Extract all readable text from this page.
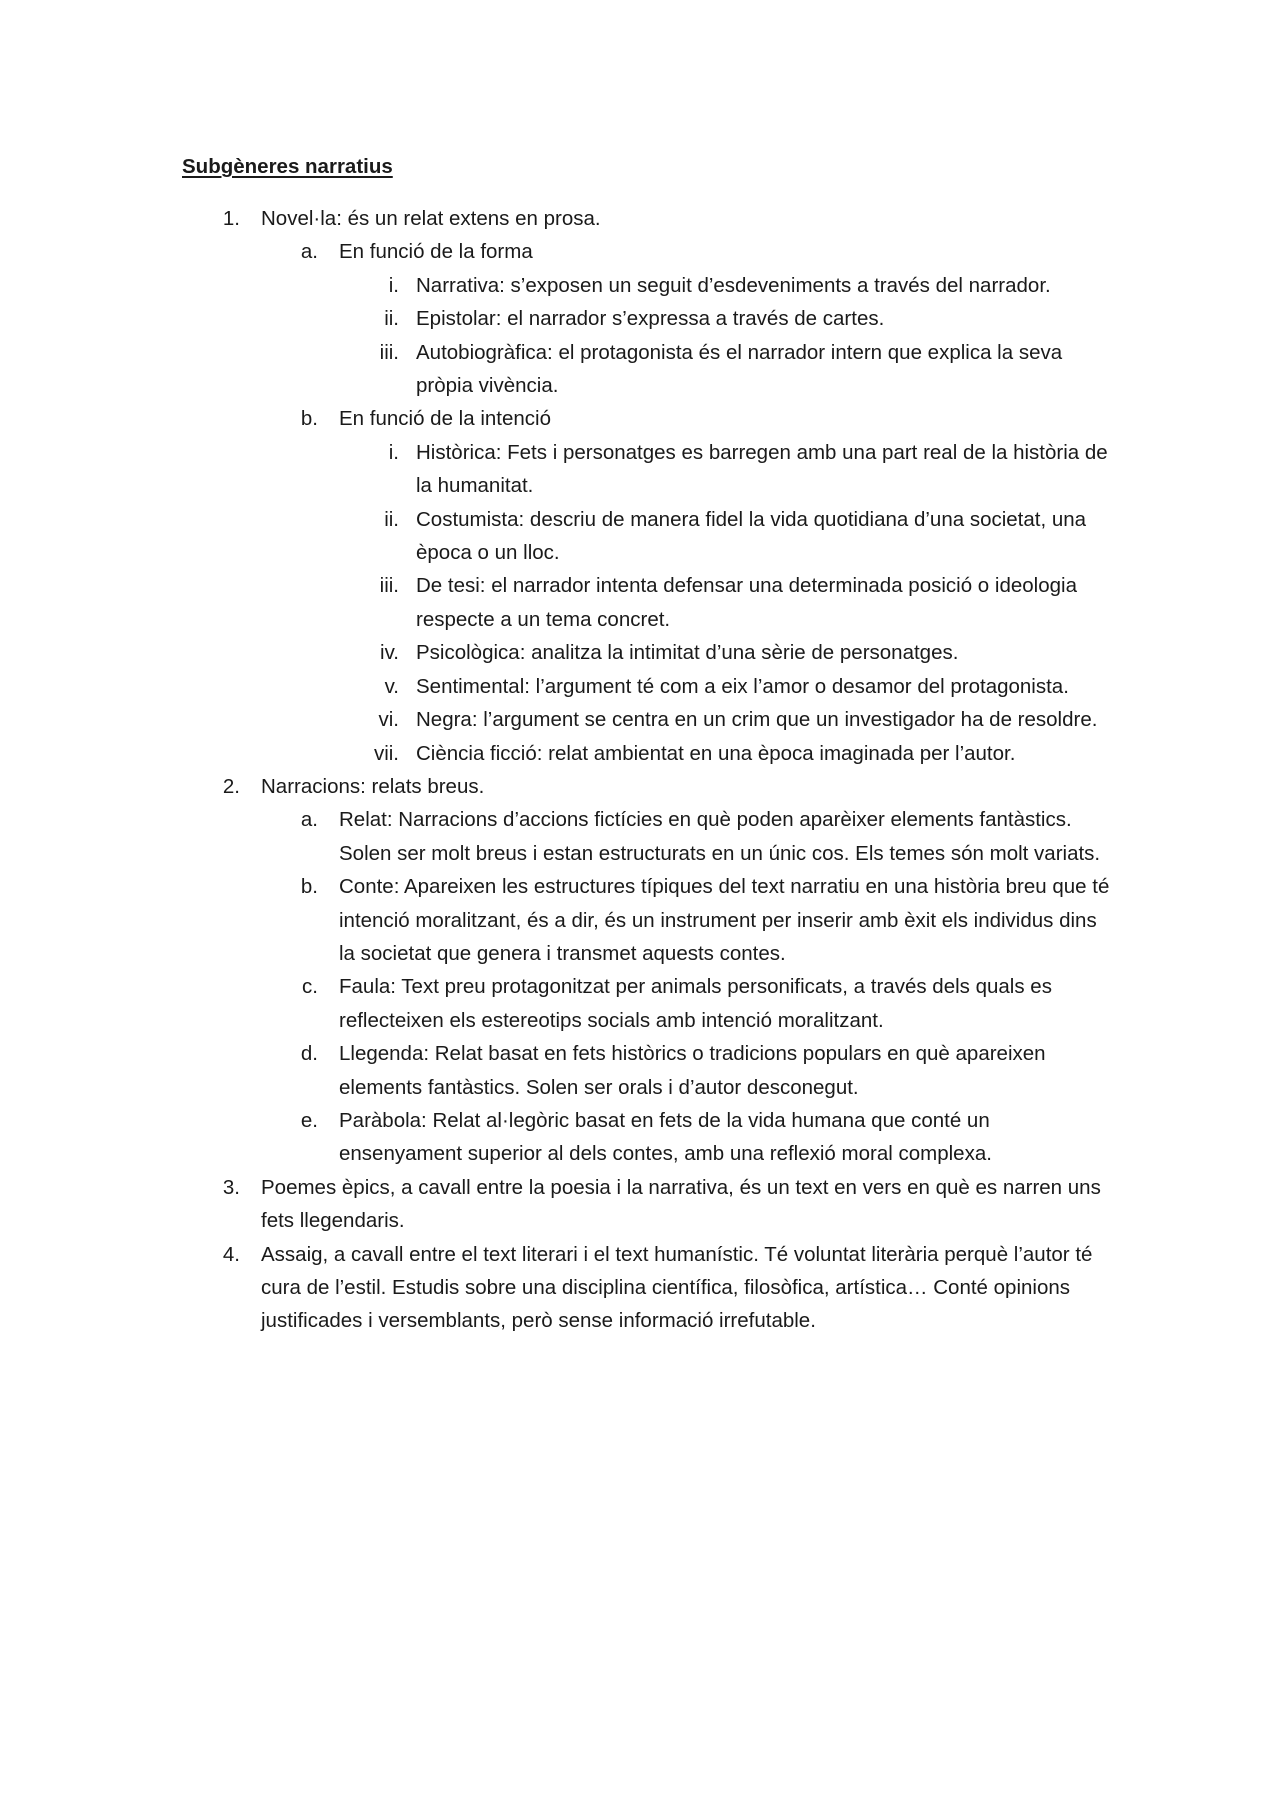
Subgèneres narratius
1. Novel·la: és un relat extens en prosa.
a. En funció de la forma
i. Narrativa: s’exposen un seguit d’esdeveniments a través del narrador.
ii. Epistolar: el narrador s’expressa a través de cartes.
iii. Autobiogràfica: el protagonista és el narrador intern que explica la seva pròpia vivència.
b. En funció de la intenció
i. Històrica: Fets i personatges es barregen amb una part real de la història de la humanitat.
ii. Costumista: descriu de manera fidel la vida quotidiana d’una societat, una època o un lloc.
iii. De tesi: el narrador intenta defensar una determinada posició o ideologia respecte a un tema concret.
iv. Psicològica: analitza la intimitat d’una sèrie de personatges.
v. Sentimental: l’argument té com a eix l’amor o desamor del protagonista.
vi. Negra: l’argument se centra en un crim que un investigador ha de resoldre.
vii. Ciència ficció: relat ambientat en una època imaginada per l’autor.
2. Narracions: relats breus.
a. Relat: Narracions d’accions fictícies en què poden aparèixer elements fantàstics. Solen ser molt breus i estan estructurats en un únic cos. Els temes són molt variats.
b. Conte: Apareixen les estructures típiques del text narratiu en una història breu que té intenció moralitzant, és a dir, és un instrument per inserir amb èxit els individus dins la societat que genera i transmet aquests contes.
c. Faula: Text preu protagonitzat per animals personificats, a través dels quals es reflecteixen els estereotips socials amb intenció moralitzant.
d. Llegenda: Relat basat en fets històrics o tradicions populars en què apareixen elements fantàstics. Solen ser orals i d’autor desconegut.
e. Paràbola: Relat al·legòric basat en fets de la vida humana que conté un ensenyament superior al dels contes, amb una reflexió moral complexa.
3. Poemes èpics, a cavall entre la poesia i la narrativa, és un text en vers en què es narren uns fets llegendaris.
4. Assaig, a cavall entre el text literari i el text humanístic. Té voluntat literària perquè l’autor té cura de l’estil. Estudis sobre una disciplina científica, filosòfica, artística… Conté opinions justificades i versemblants, però sense informació irrefutable.
